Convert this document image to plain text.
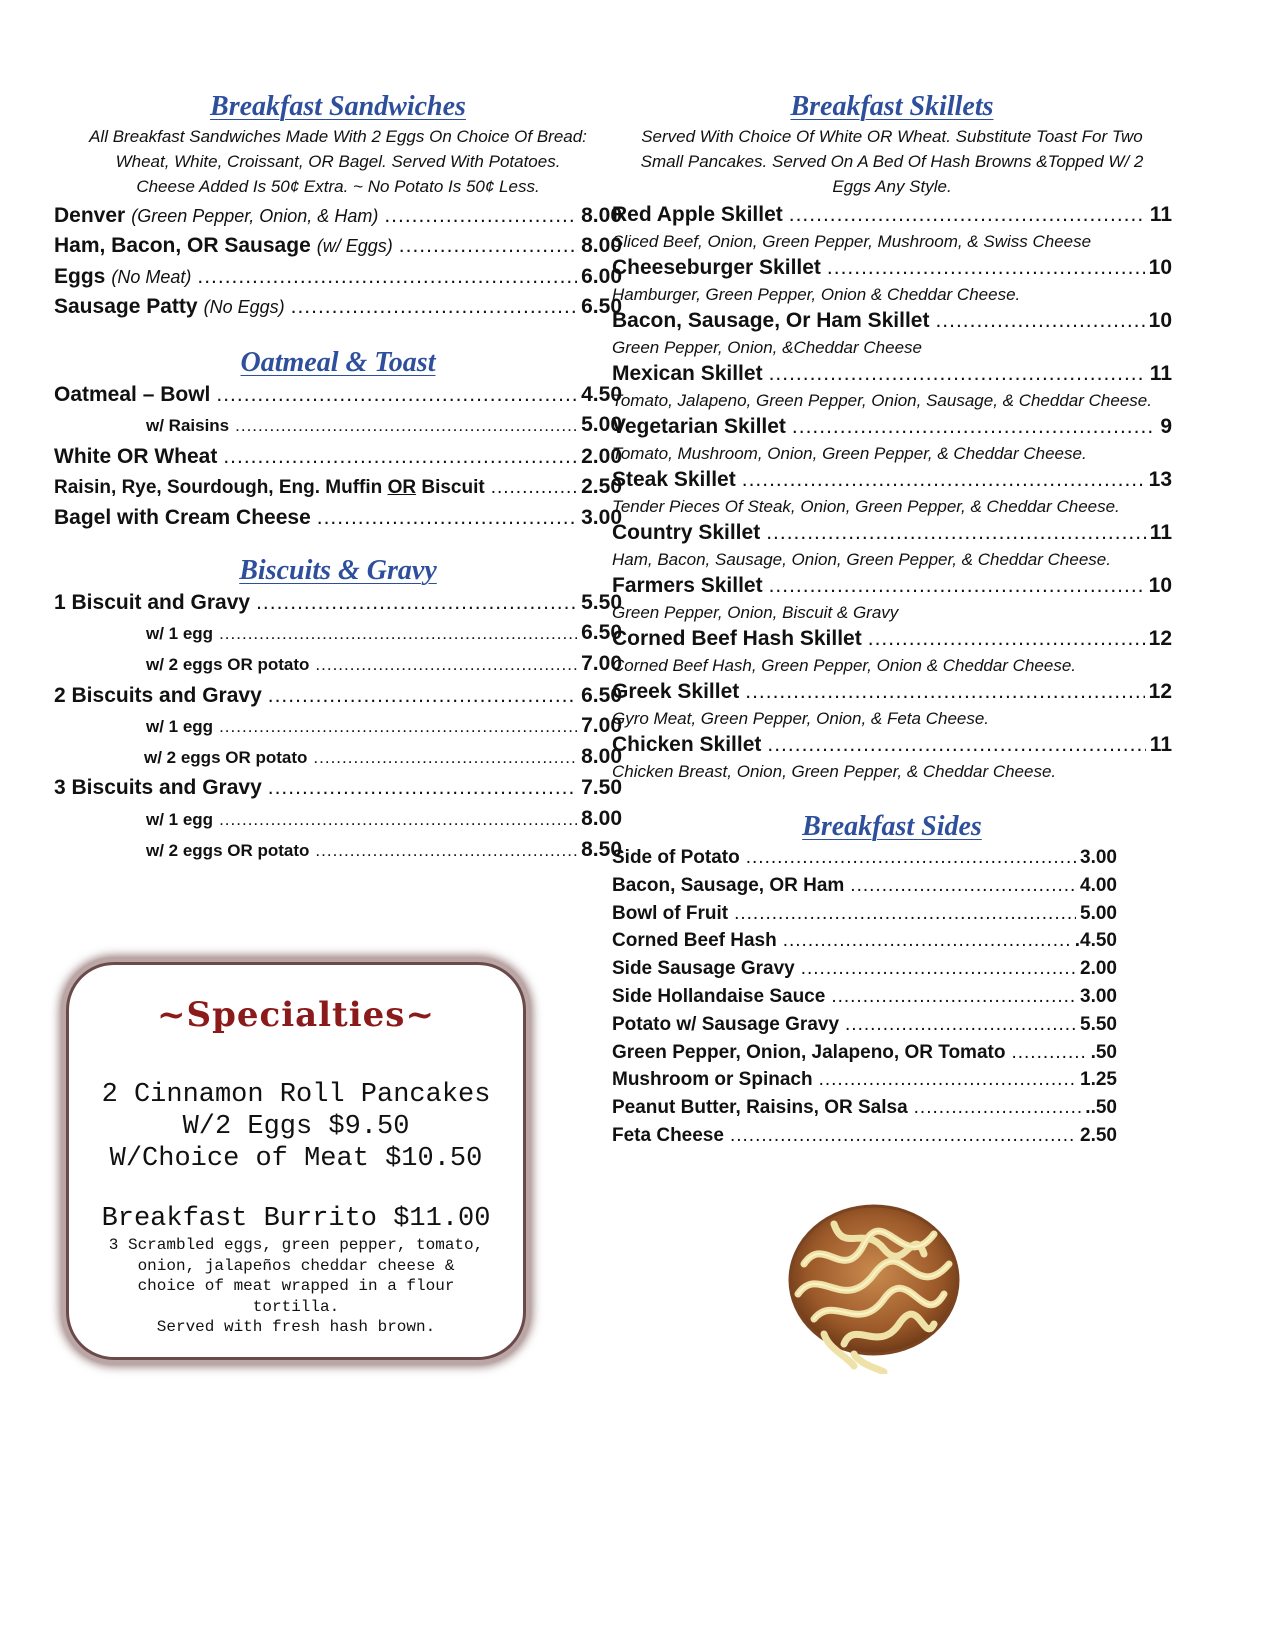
Breakfast Sandwiches
All Breakfast Sandwiches Made With 2 Eggs On Choice Of Bread:
Wheat, White, Croissant, OR Bagel. Served With Potatoes.
Cheese Added Is 50¢ Extra. ~ No Potato Is 50¢ Less.
Denver (Green Pepper, Onion, & Ham) .....	8.00
Ham, Bacon, OR Sausage (w/ Eggs) .....	8.00
Eggs (No Meat) .....	6.00
Sausage Patty (No Eggs) .....	6.50
Oatmeal & Toast
Oatmeal – Bowl .....	4.50
w/ Raisins .....	5.00
White OR Wheat .....	2.00
Raisin, Rye, Sourdough, Eng. Muffin OR Biscuit .....	2.50
Bagel with Cream Cheese .....	3.00
Biscuits & Gravy
1 Biscuit and Gravy .....	5.50
w/ 1 egg .....	6.50
w/ 2 eggs OR potato .....	7.00
2 Biscuits and Gravy .....	6.50
w/ 1 egg .....	7.00
w/ 2 eggs OR potato .....	8.00
3 Biscuits and Gravy .....	7.50
w/ 1 egg .....	8.00
w/ 2 eggs OR potato .....	8.50
~Specialties~
2 Cinnamon Roll Pancakes
W/2 Eggs $9.50
W/Choice of Meat $10.50
Breakfast Burrito $11.00
3 Scrambled eggs, green pepper, tomato,
onion, jalapeños cheddar cheese &
choice of meat wrapped in a flour
tortilla.
Served with fresh hash brown.
Breakfast Skillets
Served With Choice Of White OR Wheat. Substitute Toast For Two
Small Pancakes. Served On A Bed Of Hash Browns &Topped W/ 2
Eggs Any Style.
Red Apple Skillet .....	11
Sliced Beef, Onion, Green Pepper, Mushroom, & Swiss Cheese
Cheeseburger Skillet .....	10
Hamburger, Green Pepper, Onion & Cheddar Cheese.
Bacon, Sausage, Or Ham Skillet .....	10
Green Pepper, Onion, &Cheddar Cheese
Mexican Skillet .....	11
Tomato, Jalapeno, Green Pepper, Onion, Sausage, & Cheddar Cheese.
Vegetarian Skillet .....	9
Tomato, Mushroom, Onion, Green Pepper, & Cheddar Cheese.
Steak Skillet .....	13
Tender Pieces Of Steak, Onion, Green Pepper, & Cheddar Cheese.
Country Skillet .....	11
Ham, Bacon, Sausage, Onion, Green Pepper, & Cheddar Cheese.
Farmers Skillet .....	10
Green Pepper, Onion, Biscuit & Gravy
Corned Beef Hash Skillet .....	12
Corned Beef Hash, Green Pepper, Onion & Cheddar Cheese.
Greek Skillet .....	12
Gyro Meat, Green Pepper, Onion, & Feta Cheese.
Chicken Skillet .....	11
Chicken Breast, Onion, Green Pepper, & Cheddar Cheese.
Breakfast Sides
Side of Potato .....	3.00
Bacon, Sausage, OR Ham .....	4.00
Bowl of Fruit .....	5.00
Corned Beef Hash .....	.4.50
Side Sausage Gravy .....	2.00
Side Hollandaise Sauce .....	3.00
Potato w/ Sausage Gravy .....	5.50
Green Pepper, Onion, Jalapeno, OR Tomato .....	.50
Mushroom or Spinach .....	1.25
Peanut Butter, Raisins, OR Salsa .....	..50
Feta Cheese .....	2.50
